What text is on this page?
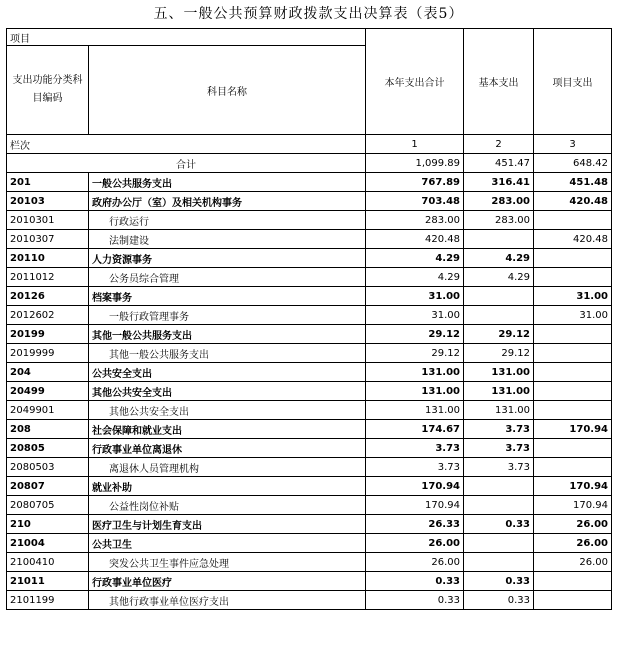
五、一般公共预算财政拨款支出决算表（表5）
项目		本年支出合计	基本支出	项目支出
支出功能分类科目编码	科目名称			
栏次		1	2	3
合计		1,099.89	451.47	648.42
201	一般公共服务支出	767.89	316.41	451.48
20103	政府办公厅（室）及相关机构事务	703.48	283.00	420.48
2010301	行政运行	283.00	283.00	
2010307	法制建设	420.48		420.48
20110	人力资源事务	4.29	4.29	
2011012	公务员综合管理	4.29	4.29	
20126	档案事务	31.00		31.00
2012602	一般行政管理事务	31.00		31.00
20199	其他一般公共服务支出	29.12	29.12	
2019999	其他一般公共服务支出	29.12	29.12	
204	公共安全支出	131.00	131.00	
20499	其他公共安全支出	131.00	131.00	
2049901	其他公共安全支出	131.00	131.00	
208	社会保障和就业支出	174.67	3.73	170.94
20805	行政事业单位离退休	3.73	3.73	
2080503	离退休人员管理机构	3.73	3.73	
20807	就业补助	170.94		170.94
2080705	公益性岗位补贴	170.94		170.94
210	医疗卫生与计划生育支出	26.33	0.33	26.00
21004	公共卫生	26.00		26.00
2100410	突发公共卫生事件应急处理	26.00		26.00
21011	行政事业单位医疗	0.33	0.33	
2101199	其他行政事业单位医疗支出	0.33	0.33	
